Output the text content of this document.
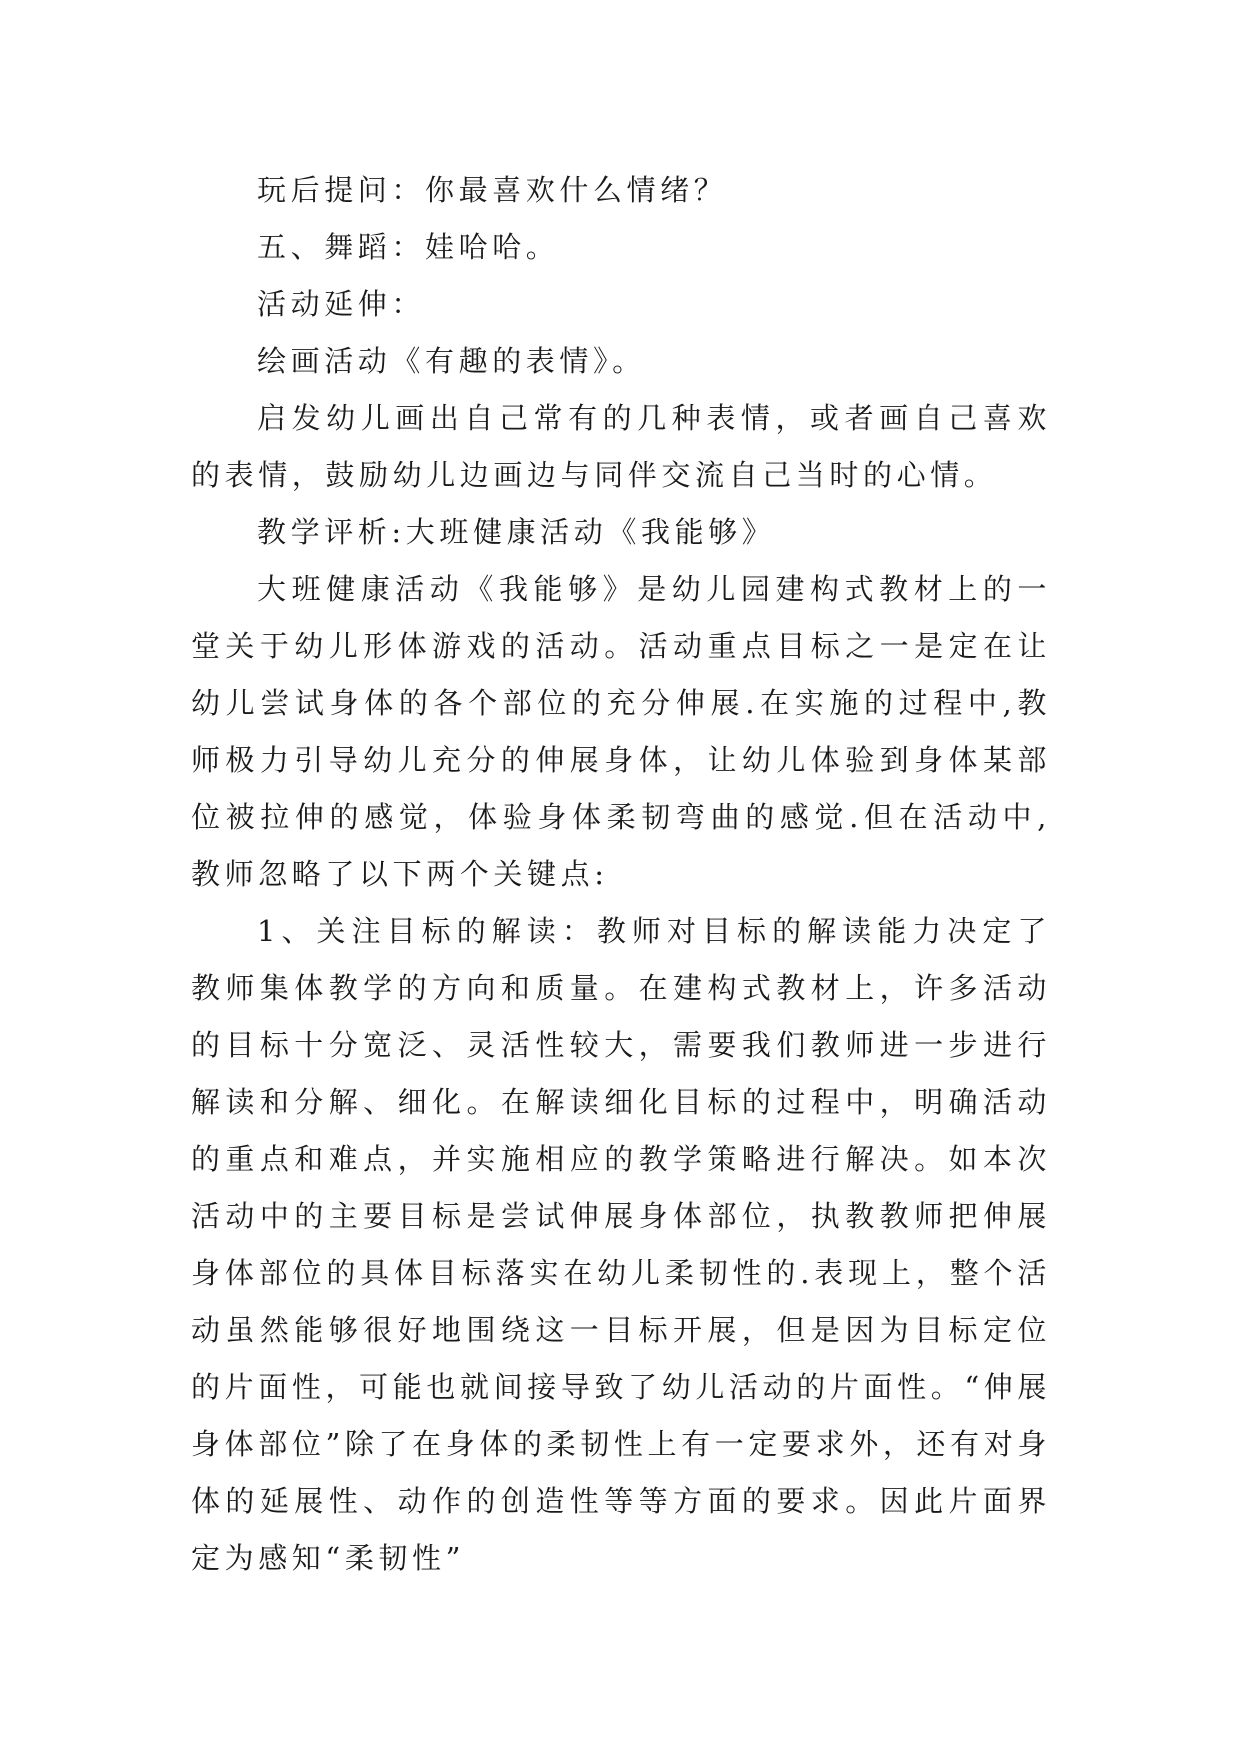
玩后提问：你最喜欢什么情绪？

五、舞蹈：娃哈哈。

活动延伸：

绘画活动《有趣的表情》。

启发幼儿画出自己常有的几种表情，或者画自己喜欢的表情，鼓励幼儿边画边与同伴交流自己当时的心情。

教学评析:大班健康活动《我能够》

大班健康活动《我能够》是幼儿园建构式教材上的一堂关于幼儿形体游戏的活动。活动重点目标之一是定在让幼儿尝试身体的各个部位的充分伸展.在实施的过程中,教师极力引导幼儿充分的伸展身体，让幼儿体验到身体某部位被拉伸的感觉，体验身体柔韧弯曲的感觉.但在活动中,教师忽略了以下两个关键点:

1、关注目标的解读：教师对目标的解读能力决定了教师集体教学的方向和质量。在建构式教材上，许多活动的目标十分宽泛、灵活性较大，需要我们教师进一步进行解读和分解、细化。在解读细化目标的过程中，明确活动的重点和难点，并实施相应的教学策略进行解决。如本次活动中的主要目标是尝试伸展身体部位，执教教师把伸展身体部位的具体目标落实在幼儿柔韧性的.表现上，整个活动虽然能够很好地围绕这一目标开展，但是因为目标定位的片面性，可能也就间接导致了幼儿活动的片面性。“伸展身体部位”除了在身体的柔韧性上有一定要求外，还有对身体的延展性、动作的创造性等等方面的要求。因此片面界定为感知“柔韧性”
